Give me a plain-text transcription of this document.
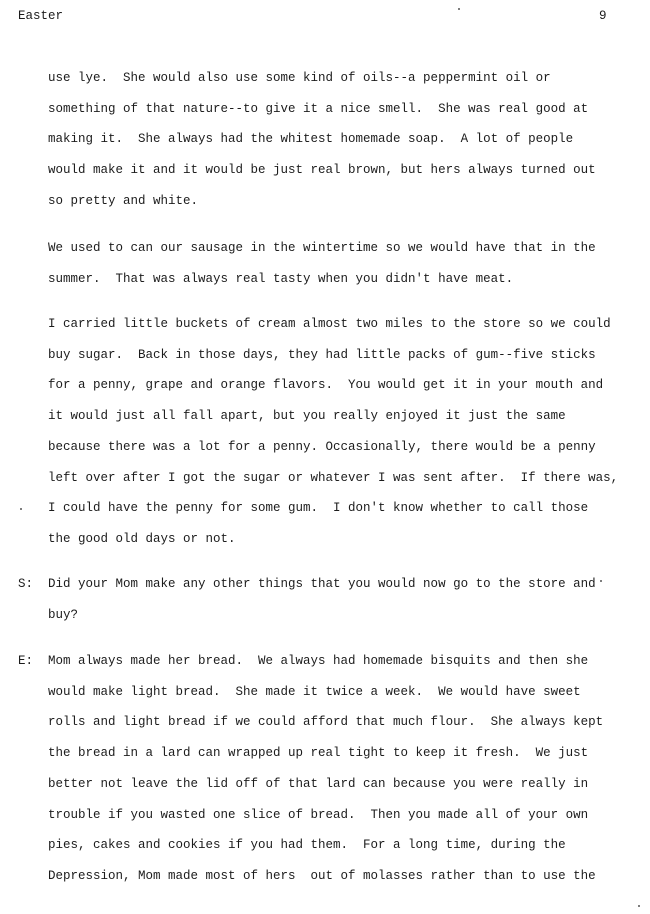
Easter	9
use lye.  She would also use some kind of oils--a peppermint oil or
something of that nature--to give it a nice smell.  She was real good at
making it.  She always had the whitest homemade soap.  A lot of people
would make it and it would be just real brown, but hers always turned out
so pretty and white.
We used to can our sausage in the wintertime so we would have that in the
summer.  That was always real tasty when you didn't have meat.
I carried little buckets of cream almost two miles to the store so we could
buy sugar.  Back in those days, they had little packs of gum--five sticks
for a penny, grape and orange flavors.  You would get it in your mouth and
it would just all fall apart, but you really enjoyed it just the same
because there was a lot for a penny. Occasionally, there would be a penny
left over after I got the sugar or whatever I was sent after.  If there was,
I could have the penny for some gum.  I don't know whether to call those
the good old days or not.
S: Did your Mom make any other things that you would now go to the store and
buy?
E: Mom always made her bread.  We always had homemade bisquits and then she
would make light bread.  She made it twice a week.  We would have sweet
rolls and light bread if we could afford that much flour.  She always kept
the bread in a lard can wrapped up real tight to keep it fresh.  We just
better not leave the lid off of that lard can because you were really in
trouble if you wasted one slice of bread.  Then you made all of your own
pies, cakes and cookies if you had them.  For a long time, during the
Depression, Mom made most of hers  out of molasses rather than to use the
